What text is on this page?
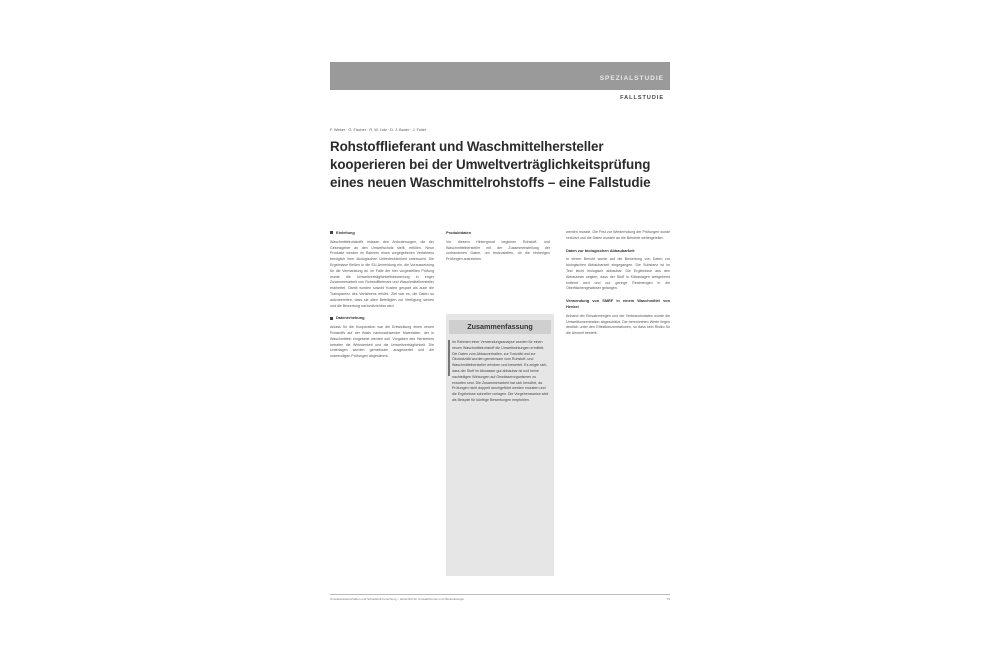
SPEZIALSTUDIE
FALLSTUDIE
F. Weber · G. Fischer · R. W. Lutz · D. J. Bauer · J. Fuller
Rohstofflieferant und Waschmittelhersteller kooperieren bei der Umweltverträglichkeitsprüfung eines neuen Waschmittelrohstoffs – eine Fallstudie
Einleitung
Waschmittelrohstoffe müssen den Anforderungen, die der Gesetzgeber an den Umweltschutz stellt, erfüllen. Neue Produkte werden im Rahmen eines vorgegebenen Verfahrens bezüglich ihrer ökologischen Unbedenklichkeit untersucht. Die Ergebnisse fließen in die EU-Anmeldung ein, die Voraussetzung für die Vermarktung ist. Im Falle der hier vorgestellten Prüfung wurde die Umweltverträglichkeitsbewertung in enger Zusammenarbeit von Rohstofflieferant und Waschmittelhersteller erarbeitet. Damit wurden sowohl Kosten gespart als auch die Transparenz des Verfahrens erhöht. Ziel war es, die Daten so aufzubereiten, dass sie allen Beteiligten zur Verfügung stehen und die Bewertung nachvollziehbar wird.
Datenerhebung
Anlass für die Kooperation war die Entwicklung eines neuen Rohstoffs auf der Basis nachwachsender Materialien, der in Waschmitteln eingesetzt werden soll. Vorgaben des Herstellers betrafen die Wirksamkeit und die Umweltverträglichkeit. Die Unterlagen wurden gemeinsam ausgewertet und die notwendigen Prüfungen abgestimmt.
Produktdaten
Vor diesem Hintergrund beginnen Rohstoff- und Waschmittelhersteller mit der Zusammenstellung der vorhandenen Daten, um festzustellen, ob die bisherigen Prüfungen ausreichen.
Zusammenfassung
Im Rahmen einer Verwendungsanalyse wurden für einen neuen Waschmittelrohstoff die Umweltwirkungen ermittelt. Die Daten zum Abbauverhalten, zur Toxizität und zur Ökotoxizität wurden gemeinsam vom Rohstoff- und Waschmittelhersteller erhoben und bewertet. Es zeigte sich, dass der Stoff im Abwasser gut abbaubar ist und keine nachteiligen Wirkungen auf Gewässerorganismen zu erwarten sind. Die Zusammenarbeit hat sich bewährt, da Prüfungen nicht doppelt durchgeführt werden mussten und die Ergebnisse schneller vorlagen. Die Vorgehensweise wird als Beispiel für künftige Bewertungen empfohlen.
werden musste. Die Frist zur Wiederholung der Prüfungen wurde verkürzt und die Daten wurden an die Behörde weitergeleitet.
Daten zur biologischen Abbaubarkeit
In einem Bericht wurde auf die Bewertung von Daten zur biologischen Abbaubarkeit eingegangen. Die Substanz ist im Test leicht biologisch abbaubar. Die Ergebnisse aus den Abbautests zeigten, dass der Stoff in Kläranlagen weitgehend entfernt wird und nur geringe Restmengen in die Oberflächengewässer gelangen.
Verwendung von SMRF in einem Waschmittel von Henkel
Anhand der Einsatzmengen und der Verbrauchsdaten wurde die Umweltkonzentration abgeschätzt. Die berechneten Werte liegen deutlich unter den Effektkonzentrationen, so dass kein Risiko für die Umwelt besteht.
Umweltwissenschaften und Schadstoff-Forschung – Zeitschrift für Umweltchemie und Ökotoxikologie	79
